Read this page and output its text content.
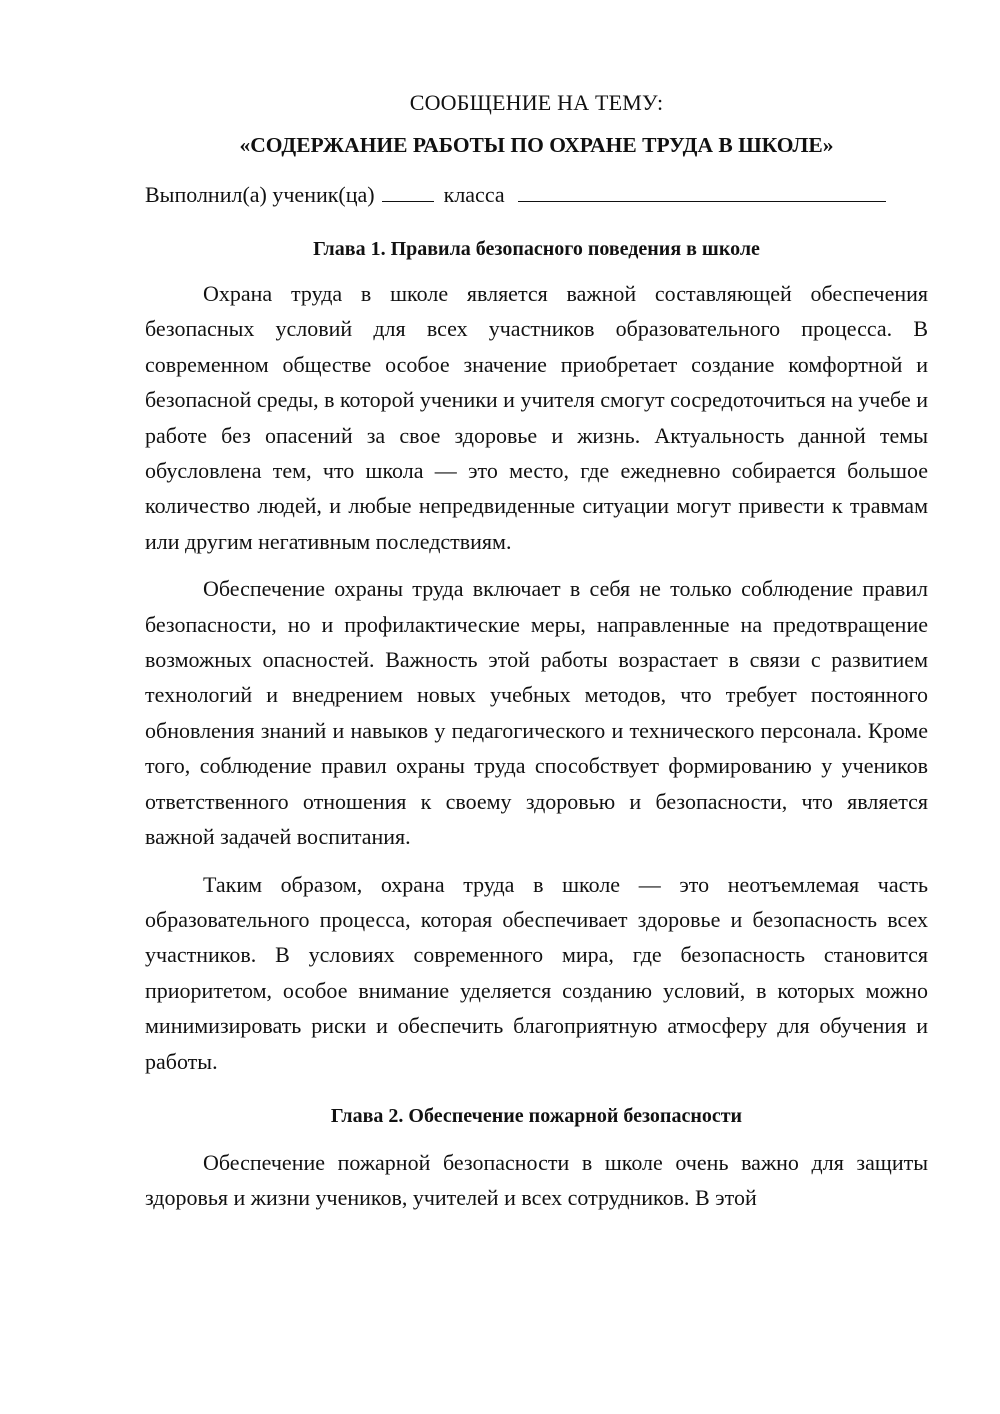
СООБЩЕНИЕ НА ТЕМУ:
«СОДЕРЖАНИЕ РАБОТЫ ПО ОХРАНЕ ТРУДА В ШКОЛЕ»
Выполнил(а) ученик(ца)	класса
Глава 1. Правила безопасного поведения в школе

Охрана труда в школе является важной составляющей обеспечения безопасных условий для всех участников образовательного процесса. В современном обществе особое значение приобретает создание комфортной и безопасной среды, в которой ученики и учителя смогут сосредоточиться на учебе и работе без опасений за свое здоровье и жизнь. Актуальность данной темы обусловлена тем, что школа — это место, где ежедневно собирается большое количество людей, и любые непредвиденные ситуации могут привести к травмам или другим негативным последствиям.

Обеспечение охраны труда включает в себя не только соблюдение правил безопасности, но и профилактические меры, направленные на предотвращение возможных опасностей. Важность этой работы возрастает в связи с развитием технологий и внедрением новых учебных методов, что требует постоянного обновления знаний и навыков у педагогического и технического персонала. Кроме того, соблюдение правил охраны труда способствует формированию у учеников ответственного отношения к своему здоровью и безопасности, что является важной задачей воспитания.

Таким образом, охрана труда в школе — это неотъемлемая часть образовательного процесса, которая обеспечивает здоровье и безопасность всех участников. В условиях современного мира, где безопасность становится приоритетом, особое внимание уделяется созданию условий, в которых можно минимизировать риски и обеспечить благоприятную атмосферу для обучения и работы.

Глава 2. Обеспечение пожарной безопасности

Обеспечение пожарной безопасности в школе очень важно для защиты здоровья и жизни учеников, учителей и всех сотрудников. В этой
